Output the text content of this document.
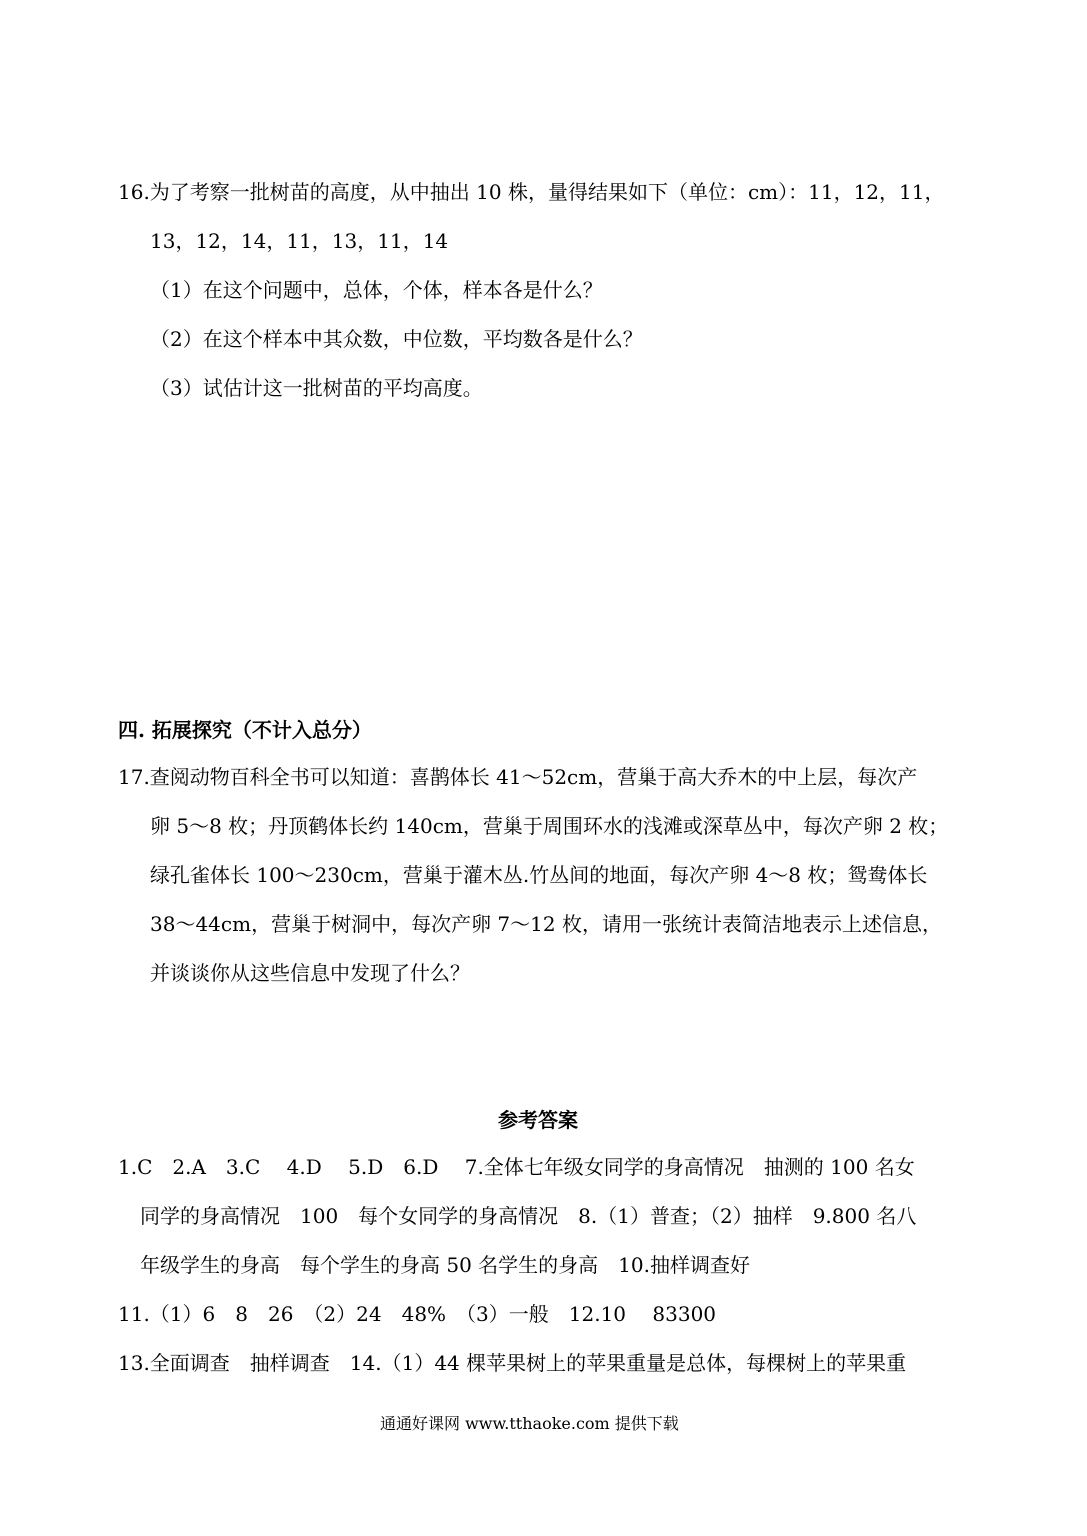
16.为了考察一批树苗的高度，从中抽出 10 株，量得结果如下（单位：cm）：11，12，11，
13，12，14，11，13，11，14
（1）在这个问题中，总体，个体，样本各是什么？
（2）在这个样本中其众数，中位数，平均数各是什么？
（3）试估计这一批树苗的平均高度。
四. 拓展探究（不计入总分）
17.查阅动物百科全书可以知道：喜鹊体长 41～52cm，营巢于高大乔木的中上层，每次产
卵 5～8 枚；丹顶鹤体长约 140cm，营巢于周围环水的浅滩或深草丛中，每次产卵 2 枚；
绿孔雀体长 100～230cm，营巢于灌木丛.竹丛间的地面，每次产卵 4～8 枚；鸳鸯体长
38～44cm，营巢于树洞中，每次产卵 7～12 枚，请用一张统计表简洁地表示上述信息，
并谈谈你从这些信息中发现了什么？
参考答案
1.C　2.A　3.C　 4.D　 5.D　6.D　 7.全体七年级女同学的身高情况　抽测的 100 名女
同学的身高情况　100　每个女同学的身高情况　8.（1）普查；（2）抽样　9.800 名八
年级学生的身高　每个学生的身高 50 名学生的身高　10.抽样调查好
11.（1）6　8　26　（2）24　48%　（3）一般　12.10　 83300
13.全面调查　抽样调查　14.（1）44 棵苹果树上的苹果重量是总体，每棵树上的苹果重
通通好课网 www.tthaoke.com 提供下载
